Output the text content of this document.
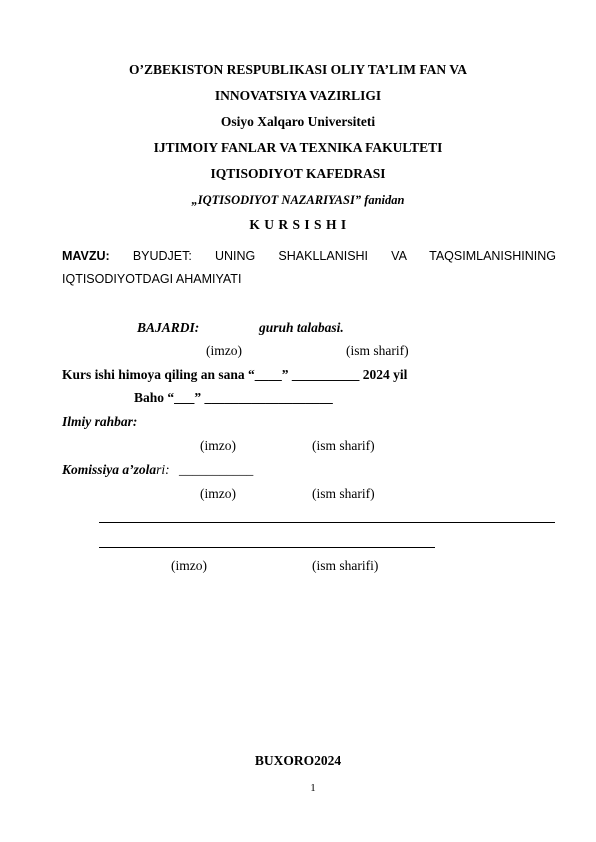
O’ZBEKISTON RESPUBLIKASI OLIY TA’LIM FAN VA
INNOVATSIYA VAZIRLIGI
Osiyo Xalqaro Universiteti
IJTIMOIY FANLAR VA TEXNIKA FAKULTETI
IQTISODIYOT KAFEDRASI
„IQTISODIYOT NAZARIYASI” fanidan
K U R S I S H I
MAVZU: BYUDJET: UNING SHAKLLANISHI VA TAQSIMLANISHINING
IQTISODIYOTDAGI AHAMIYATI
BAJARDI:	guruh talabasi.
(imzo)	(ism sharif)
Kurs ishi himoya qiling an sana “____” __________ 2024 yil
Baho “___” ___________________
Ilmiy rahbar:
(imzo)	(ism sharif)
Komissiya a’zolari: ___________
(imzo)	(ism sharif)
(imzo)	(ism sharifi)
BUXORO2024
1
